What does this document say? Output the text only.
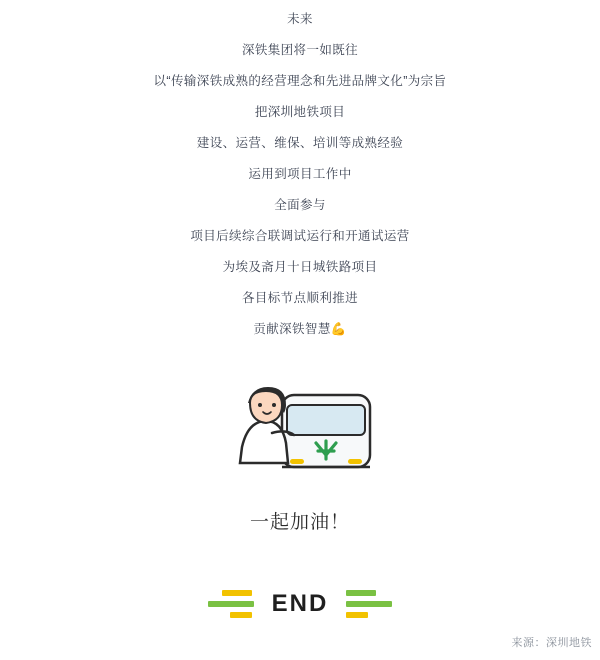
未来
深铁集团将一如既往
以“传输深铁成熟的经营理念和先进品牌文化”为宗旨
把深圳地铁项目
建设、运营、维保、培训等成熟经验
运用到项目工作中
全面参与
项目后续综合联调试运行和开通试运营
为埃及斋月十日城铁路项目
各目标节点顺利推进
贡献深铁智慧💪
一起加油！
END
来源：深圳地铁
